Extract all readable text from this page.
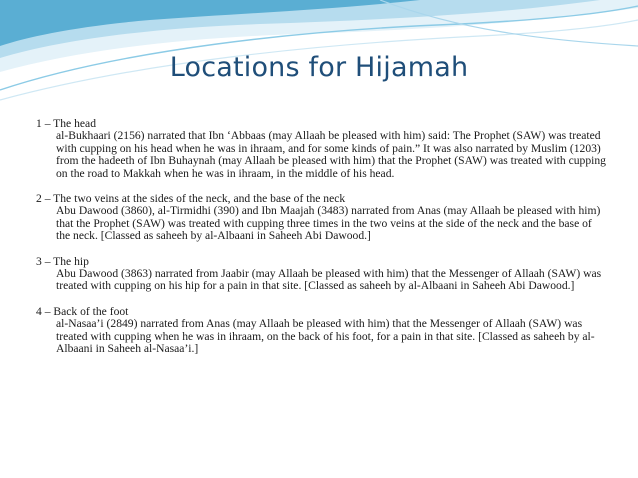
Locations for Hijamah

1 – The head

al-Bukhaari (2156) narrated that Ibn ‘Abbaas (may Allaah be pleased with him) said: The Prophet (SAW) was treated with cupping on his head when he was in ihraam, and for some kinds of pain.” It was also narrated by Muslim (1203) from the hadeeth of Ibn Buhaynah (may Allaah be pleased with him) that the Prophet (SAW) was treated with cupping on the road to Makkah when he was in ihraam, in the middle of his head.

2 – The two veins at the sides of the neck, and the base of the neck

Abu Dawood (3860), al-Tirmidhi (390) and Ibn Maajah (3483) narrated from Anas (may Allaah be pleased with him) that the Prophet (SAW) was treated with cupping three times in the two veins at the side of the neck and the base of the neck. [Classed as saheeh by al-Albaani in Saheeh Abi Dawood.]

3 – The hip

Abu Dawood (3863) narrated from Jaabir (may Allaah be pleased with him) that the Messenger of Allaah (SAW) was treated with cupping on his hip for a pain in that site. [Classed as saheeh by al-Albaani in Saheeh Abi Dawood.]

4 – Back of the foot

al-Nasaa’i (2849) narrated from Anas (may Allaah be pleased with him) that the Messenger of Allaah (SAW) was treated with cupping when he was in ihraam, on the back of his foot, for a pain in that site. [Classed as saheeh by al-Albaani in Saheeh al-Nasaa’i.]
